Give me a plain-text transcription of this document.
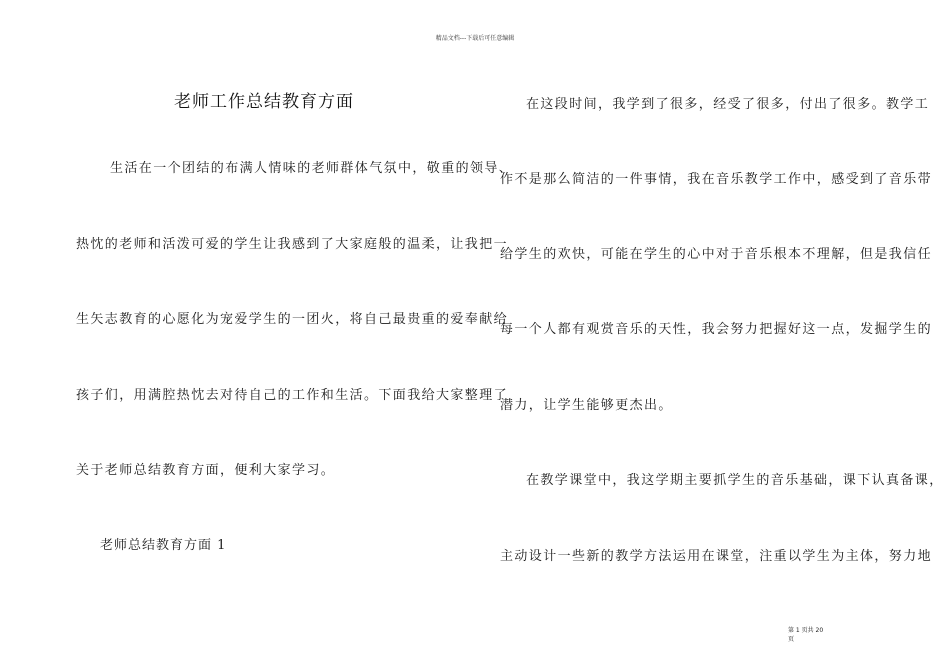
精品文档---下载后可任意编辑
老师工作总结教育方面
生活在一个团结的布满人情味的老师群体气氛中，敬重的领导、
热忱的老师和活泼可爱的学生让我感到了大家庭般的温柔，让我把一
生矢志教育的心愿化为宠爱学生的一团火，将自己最贵重的爱奉献给
孩子们，用满腔热忱去对待自己的工作和生活。下面我给大家整理了
关于老师总结教育方面，便利大家学习。
老师总结教育方面 1
在这段时间，我学到了很多，经受了很多，付出了很多。教学工
作不是那么简洁的一件事情，我在音乐教学工作中，感受到了音乐带
给学生的欢快，可能在学生的心中对于音乐根本不理解，但是我信任
每一个人都有观赏音乐的天性，我会努力把握好这一点，发掘学生的
潜力，让学生能够更杰出。
在教学课堂中，我这学期主要抓学生的音乐基础，课下认真备课，
主动设计一些新的教学方法运用在课堂，注重以学生为主体，努力地
第 1 页共 20
页
